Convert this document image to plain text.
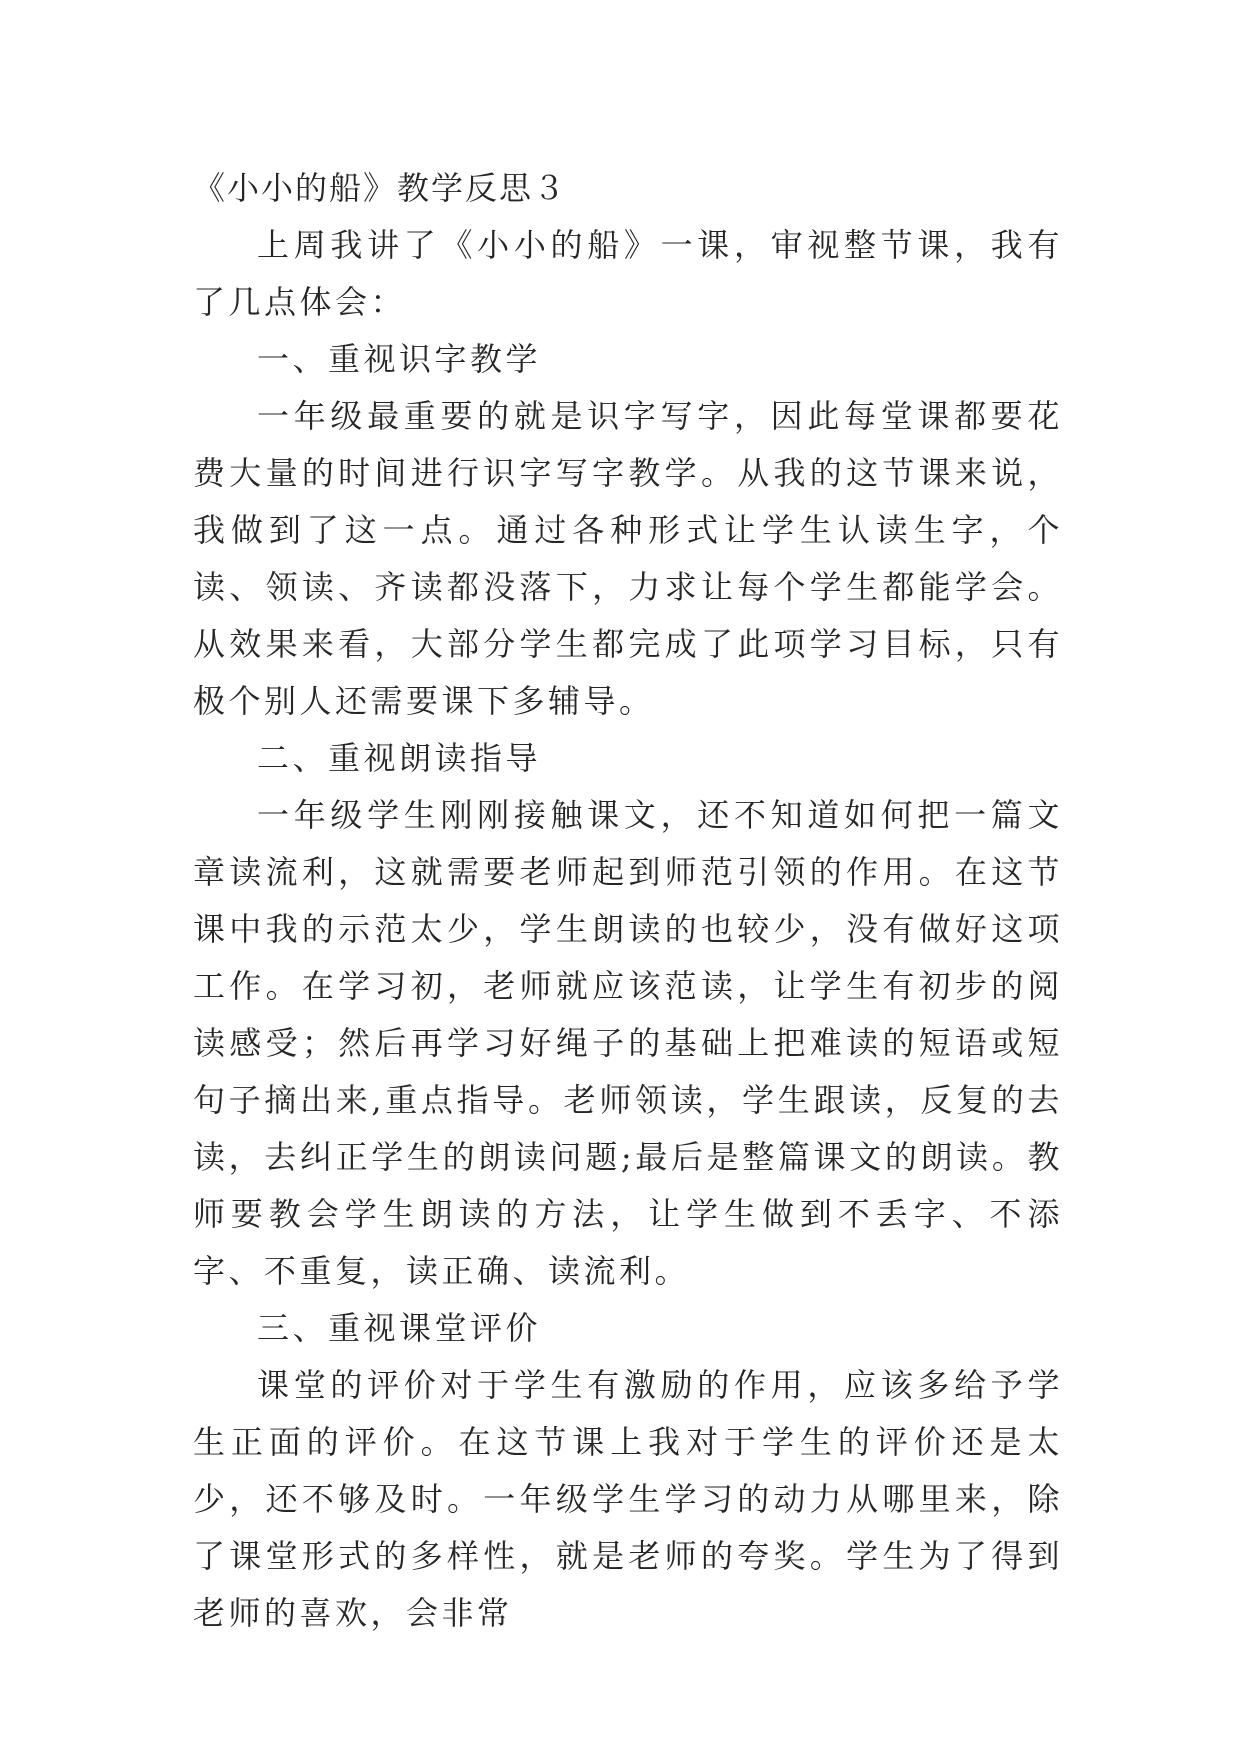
《小小的船》教学反思３

上周我讲了《小小的船》一课，审视整节课，我有了几点体会：

一、重视识字教学

一年级最重要的就是识字写字，因此每堂课都要花费大量的时间进行识字写字教学。从我的这节课来说，我做到了这一点。通过各种形式让学生认读生字，个读、领读、齐读都没落下，力求让每个学生都能学会。从效果来看，大部分学生都完成了此项学习目标，只有极个别人还需要课下多辅导。

二、重视朗读指导

一年级学生刚刚接触课文，还不知道如何把一篇文章读流利，这就需要老师起到师范引领的作用。在这节课中我的示范太少，学生朗读的也较少，没有做好这项工作。在学习初，老师就应该范读，让学生有初步的阅读感受；然后再学习好绳子的基础上把难读的短语或短句子摘出来,重点指导。老师领读，学生跟读，反复的去读，去纠正学生的朗读问题;最后是整篇课文的朗读。教师要教会学生朗读的方法，让学生做到不丢字、不添字、不重复，读正确、读流利。

三、重视课堂评价

课堂的评价对于学生有激励的作用，应该多给予学生正面的评价。在这节课上我对于学生的评价还是太少，还不够及时。一年级学生学习的动力从哪里来，除了课堂形式的多样性，就是老师的夸奖。学生为了得到老师的喜欢，会非常
